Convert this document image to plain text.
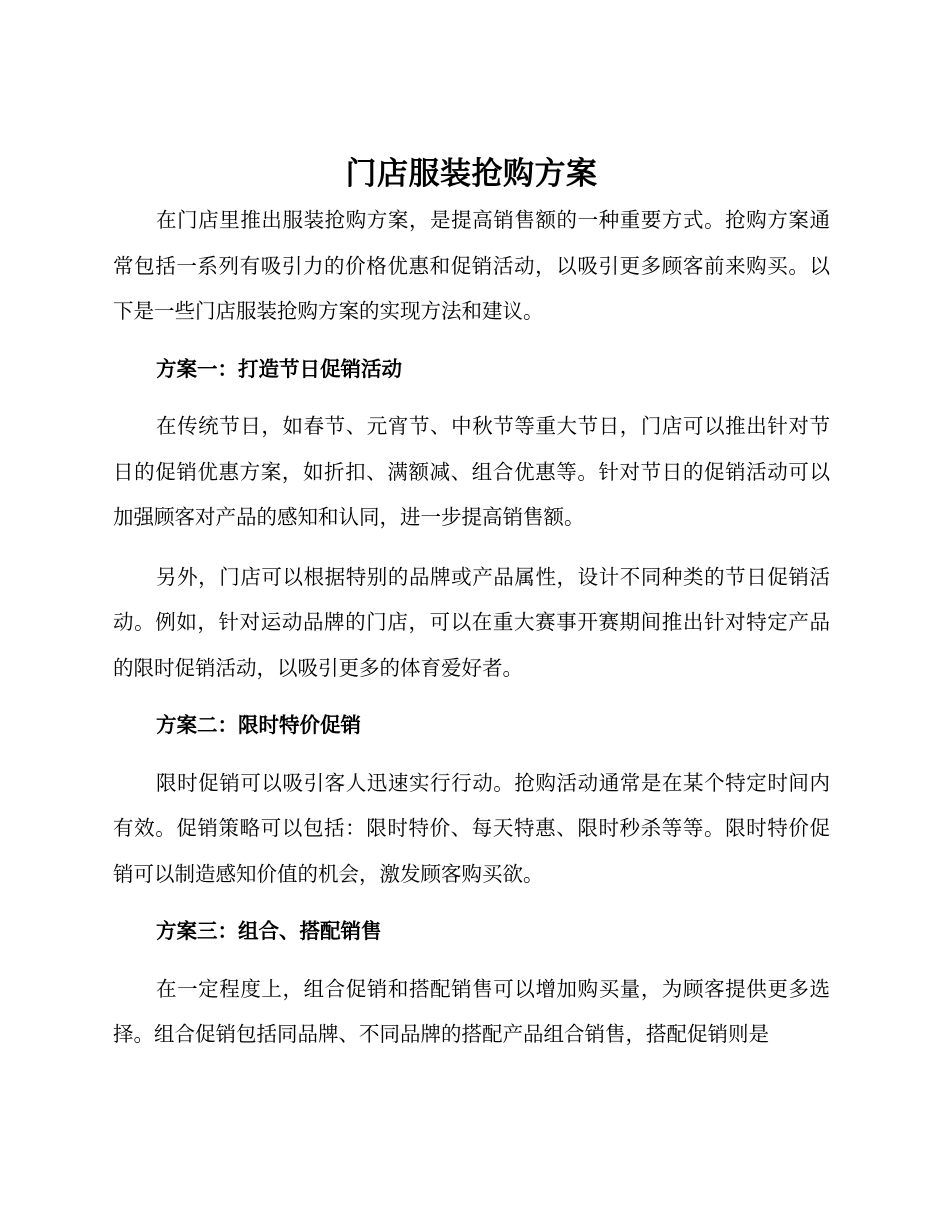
门店服装抢购方案

在门店里推出服装抢购方案，是提高销售额的一种重要方式。抢购方案通常包括一系列有吸引力的价格优惠和促销活动，以吸引更多顾客前来购买。以下是一些门店服装抢购方案的实现方法和建议。

方案一：打造节日促销活动

在传统节日，如春节、元宵节、中秋节等重大节日，门店可以推出针对节日的促销优惠方案，如折扣、满额减、组合优惠等。针对节日的促销活动可以加强顾客对产品的感知和认同，进一步提高销售额。

另外，门店可以根据特别的品牌或产品属性，设计不同种类的节日促销活动。例如，针对运动品牌的门店，可以在重大赛事开赛期间推出针对特定产品的限时促销活动，以吸引更多的体育爱好者。

方案二：限时特价促销

限时促销可以吸引客人迅速实行行动。抢购活动通常是在某个特定时间内有效。促销策略可以包括：限时特价、每天特惠、限时秒杀等等。限时特价促销可以制造感知价值的机会，激发顾客购买欲。

方案三：组合、搭配销售

在一定程度上，组合促销和搭配销售可以增加购买量，为顾客提供更多选择。组合促销包括同品牌、不同品牌的搭配产品组合销售，搭配促销则是
